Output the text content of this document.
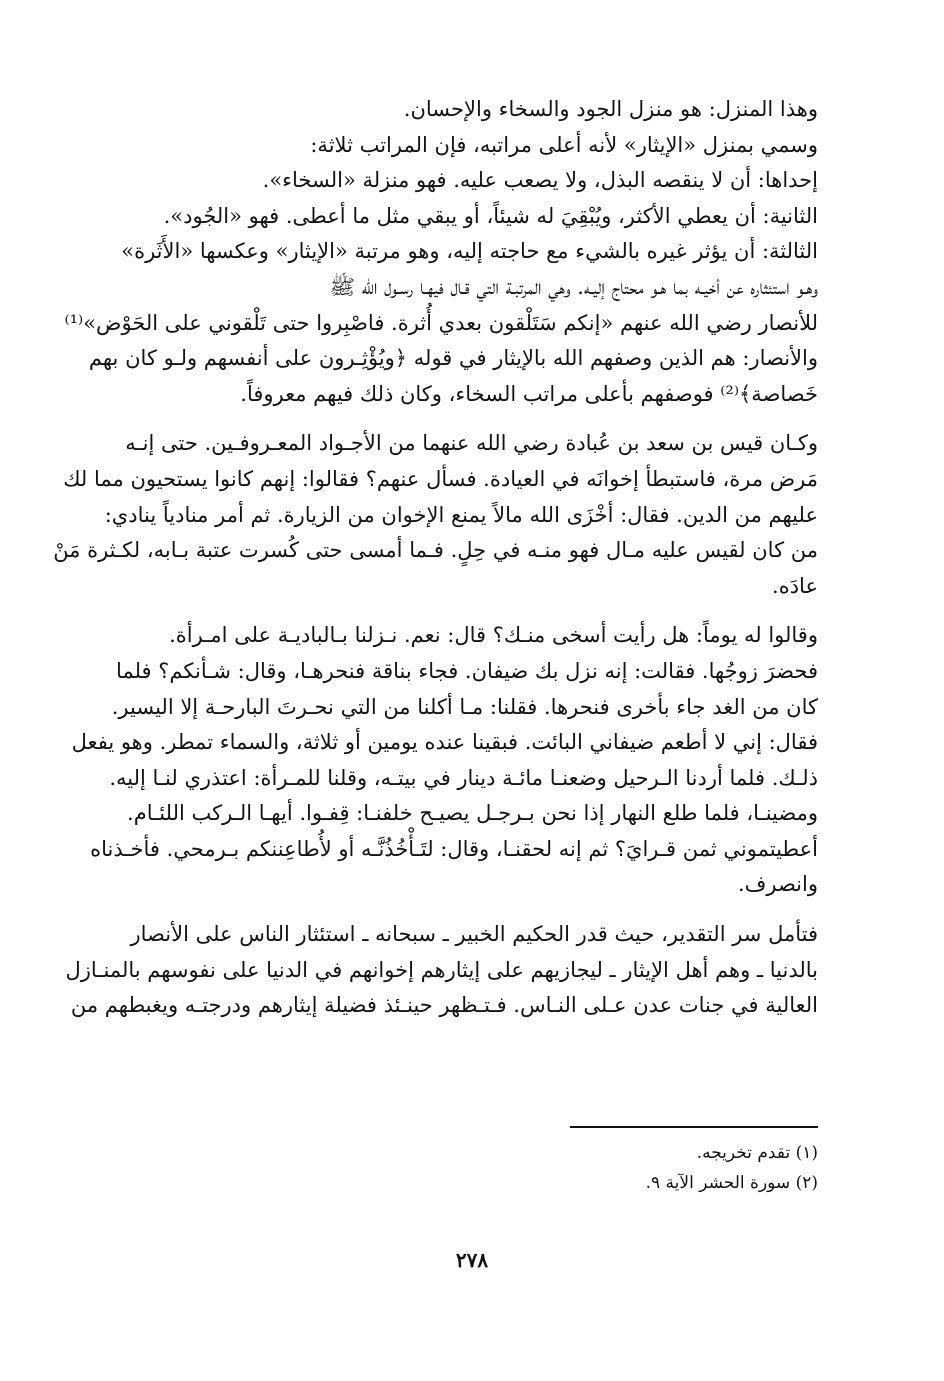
وهذا المنزل: هو منزل الجود والسخاء والإحسان.

وسمي بمنزل «الإيثار» لأنه أعلى مراتبه، فإن المراتب ثلاثة:

إحداها: أن لا ينقصه البذل، ولا يصعب عليه. فهو منزلة «السخاء».

الثانية: أن يعطي الأكثر، ويُبْقِيَ له شيئاً، أو يبقي مثل ما أعطى. فهو «الجُود».

الثالثة: أن يؤثر غيره بالشيء مع حاجته إليه، وهو مرتبة «الإيثار» وعكسها «الأَثَرة»

وهـو استئثاره عن أخيـه بما هـو محتاج إليـه. وهي المرتبـة التي قـال فيهـا رسـول الله ﷺ

للأنصار رضي الله عنهم «إنكم سَتَلْقون بعدي أُثرة. فاصْبِروا حتى تَلْقوني على الحَوْض»⁽¹⁾

والأنصار: هم الذين وصفهم الله بالإيثار في قوله ﴿ويُؤْثِـرون على أنفسهم ولـو كان بهم

خَصاصة﴾⁽²⁾ فوصفهم بأعلى مراتب السخاء، وكان ذلك فيهم معروفاً.

وكـان قيس بن سعد بن عُبادة رضي الله عنهما من الأجـواد المعـروفـين. حتى إنـه

مَرض مرة، فاستبطأ إخوانَه في العيادة. فسأل عنهم؟ فقالوا: إنهم كانوا يستحيون مما لك

عليهم من الدين. فقال: أخْزَى الله مالاً يمنع الإخوان من الزيارة. ثم أمر منادياً ينادي:

من كان لقيس عليه مـال فهو منـه في حِلٍ. فـما أمسى حتى كُسرت عتبة بـابه، لكـثرة مَنْ

عادَه.

وقالوا له يوماً: هل رأيت أسخى منـك؟ قال: نعم. نـزلنا بـالباديـة على امـرأة.

فحضرَ زوجُها. فقالت: إنه نزل بك ضيفان. فجاء بناقة فنحرهـا، وقال: شـأنكم؟ فلما

كان من الغد جاء بأخرى فنحرها. فقلنا: مـا أكلنا من التي نحـرتَ البارحـة إلا اليسير.

فقال: إني لا أطعم ضيفاني البائت. فبقينا عنده يومين أو ثلاثة، والسماء تمطر. وهو يفعل

ذلـك. فلما أردنا الـرحيل وضعنـا مائـة دينار في بيتـه، وقلنا للمـرأة: اعتذري لنـا إليه.

ومضينـا، فلما طلع النهار إذا نحن بـرجـل يصيـح خلفنـا: قِفـوا. أيهـا الـركب اللئـام.

أعطيتموني ثمن قـرايَ؟ ثم إنه لحقنـا، وقال: لتَـأْخُذُنَّـه أو لأُطاعِننكم بـرمحي. فأخـذناه

وانصرف.

فتأمل سر التقدير، حيث قدر الحكيم الخبير ـ سبحانه ـ استئثار الناس على الأنصار

بالدنيا ـ وهم أهل الإيثار ـ ليجازيهم على إيثارهم إخوانهم في الدنيا على نفوسهم بالمنـازل

العالية في جنات عدن عـلى النـاس. فـتـظهر حينـئذ فضيلة إيثارهم ودرجتـه ويغبطهم من

(١) تقدم تخريجه.

(٢) سورة الحشر الآية ٩.

٢٧٨
